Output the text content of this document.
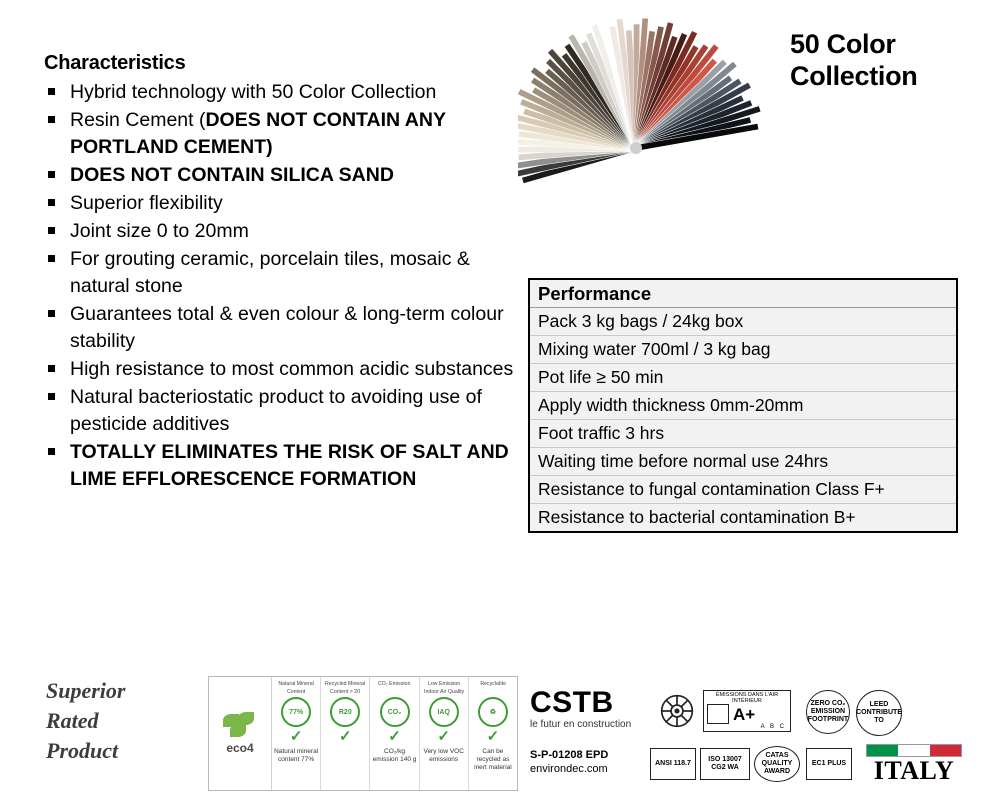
Characteristics
Hybrid technology with 50 Color Collection
Resin Cement (DOES NOT CONTAIN ANY PORTLAND CEMENT)
DOES NOT CONTAIN SILICA SAND
Superior flexibility
Joint size 0 to 20mm
For grouting ceramic, porcelain tiles, mosaic & natural stone
Guarantees total & even colour & long-term colour stability
High resistance to most common acidic substances
Natural bacteriostatic product to avoiding use of pesticide additives
TOTALLY ELIMINATES THE RISK OF SALT AND LIME EFFLORESCENCE FORMATION
50 Color Collection
Performance
Pack 3 kg bags / 24kg box
Mixing water 700ml / 3 kg bag
Pot life ≥ 50 min
Apply width thickness 0mm-20mm
Foot traffic 3 hrs
Waiting time before normal use 24hrs
Resistance to fungal contamination Class F+
Resistance to bacterial contamination B+
Superior
Rated
Product	eco4
Natural Mineral Content
77%
✓
Natural mineral content 77%
Recycled Mineral Content > 20
R20
✓
CO₂ Emission
CO₂
✓
CO₂/kg emission 140 g
Low Emission Indoor Air Quality
IAQ
✓
Very low VOC emissions
Recyclable
♻
✓
Can be recycled as inert material
CSTB
le futur en construction
S-P-01208 EPD
environdec.com
ÉMISSIONS DANS L'AIR INTÉRIEUR
A+
A B C
ZERO CO₂ EMISSION FOOTPRINT
LEED CONTRIBUTE TO
ANSI 118.7
ISO 13007 CG2 WA
CATAS QUALITY AWARD
EC1 PLUS ITALY
